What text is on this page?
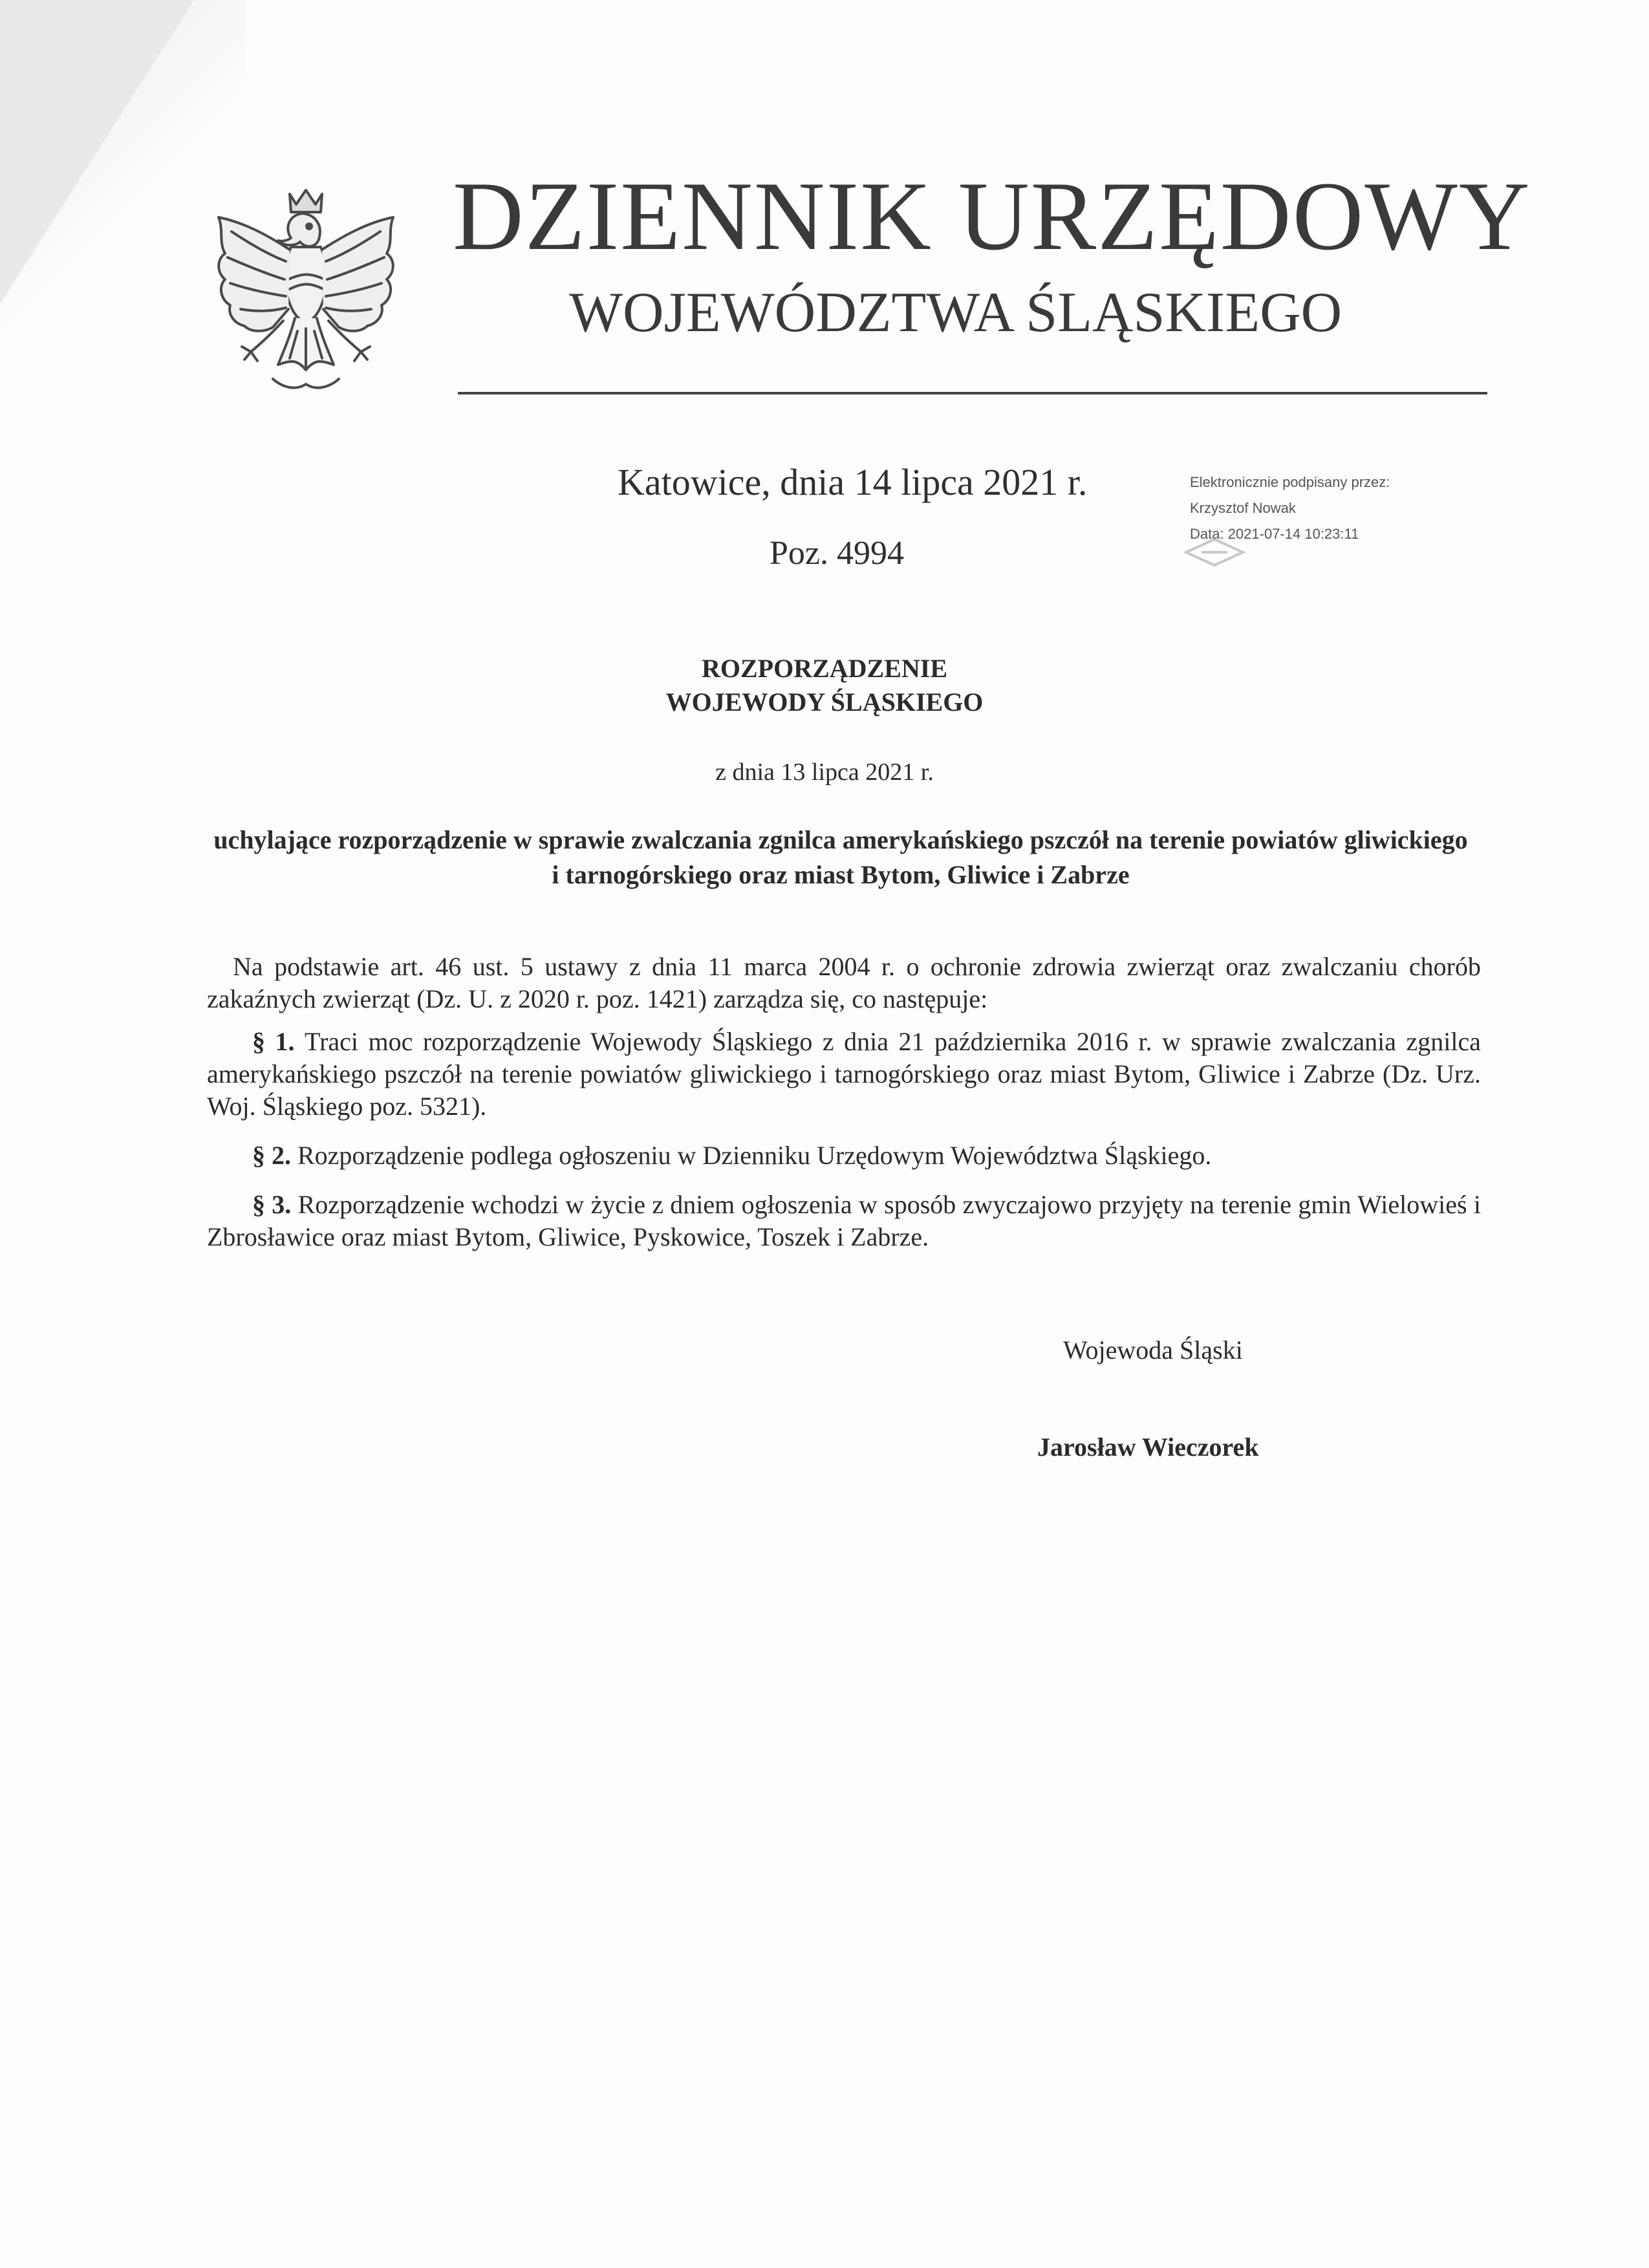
DZIENNIK URZĘDOWY
WOJEWÓDZTWA ŚLĄSKIEGO
Katowice, dnia 14 lipca 2021 r.
Poz. 4994
Elektronicznie podpisany przez:
Krzysztof Nowak
Data: 2021-07-14 10:23:11
ROZPORZĄDZENIE
WOJEWODY ŚLĄSKIEGO
z dnia 13 lipca 2021 r.
uchylające rozporządzenie w sprawie zwalczania zgnilca amerykańskiego pszczół na terenie powiatów gliwickiego i tarnogórskiego oraz miast Bytom, Gliwice i Zabrze
Na podstawie art. 46 ust. 5 ustawy z dnia 11 marca 2004 r. o ochronie zdrowia zwierząt oraz zwalczaniu chorób zakaźnych zwierząt (Dz. U. z 2020 r. poz. 1421) zarządza się, co następuje:
§ 1. Traci moc rozporządzenie Wojewody Śląskiego z dnia 21 października 2016 r. w sprawie zwalczania zgnilca amerykańskiego pszczół na terenie powiatów gliwickiego i tarnogórskiego oraz miast Bytom, Gliwice i Zabrze (Dz. Urz. Woj. Śląskiego poz. 5321).
§ 2. Rozporządzenie podlega ogłoszeniu w Dzienniku Urzędowym Województwa Śląskiego.
§ 3. Rozporządzenie wchodzi w życie z dniem ogłoszenia w sposób zwyczajowo przyjęty na terenie gmin Wielowieś i Zbrosławice oraz miast Bytom, Gliwice, Pyskowice, Toszek i Zabrze.
Wojewoda Śląski
Jarosław Wieczorek
